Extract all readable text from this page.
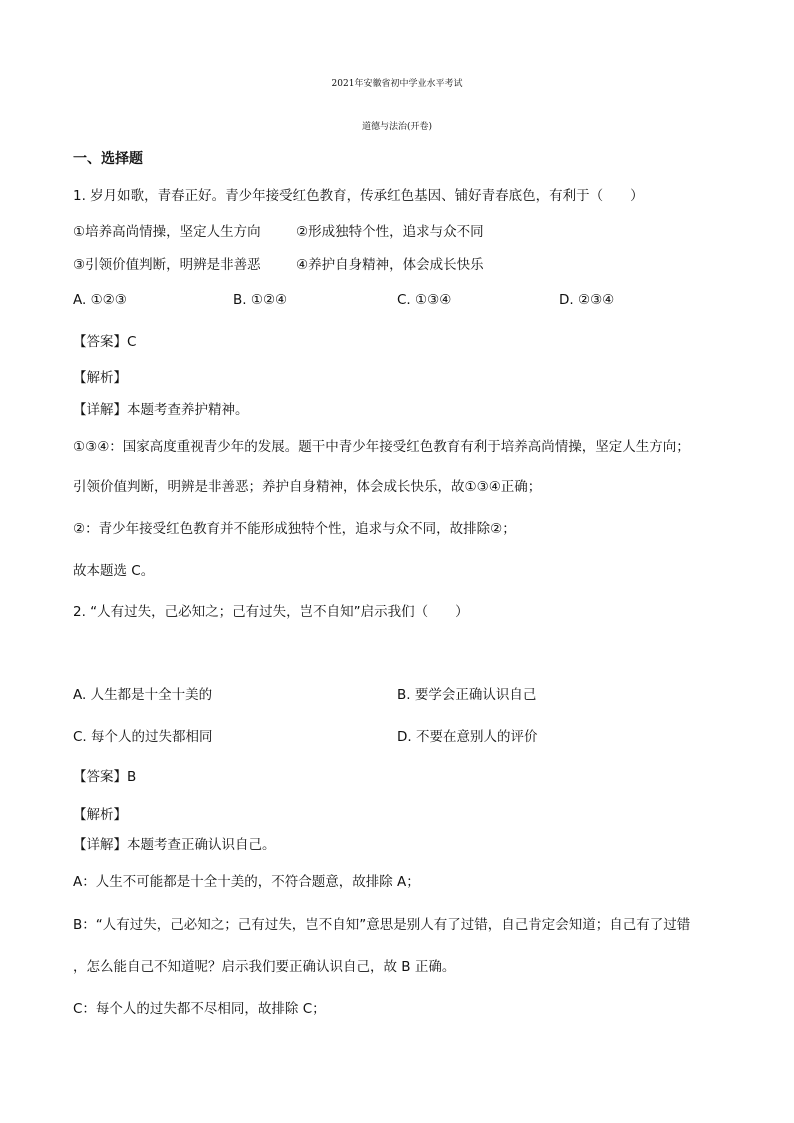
2021年安徽省初中学业水平考试
道德与法治(开卷)
一、选择题
1. 岁月如歌，青春正好。青少年接受红色教育，传承红色基因、铺好青春底色，有利于（　　）
①培养高尚情操，坚定人生方向	②形成独特个性，追求与众不同
③引领价值判断，明辨是非善恶	④养护自身精神，体会成长快乐
A. ①②③	B. ①②④	C. ①③④	D. ②③④
【答案】C
【解析】
【详解】本题考查养护精神。
①③④：国家高度重视青少年的发展。题干中青少年接受红色教育有利于培养高尚情操，坚定人生方向；
引领价值判断，明辨是非善恶；养护自身精神，体会成长快乐，故①③④正确；
②：青少年接受红色教育并不能形成独特个性，追求与众不同，故排除②；
故本题选 C。
2. “人有过失，己必知之；己有过失，岂不自知”启示我们（　　）
A. 人生都是十全十美的	B. 要学会正确认识自己
C. 每个人的过失都相同	D. 不要在意别人的评价
【答案】B
【解析】
【详解】本题考查正确认识自己。
A：人生不可能都是十全十美的，不符合题意，故排除 A；
B：“人有过失，己必知之；己有过失，岂不自知”意思是别人有了过错，自己肯定会知道；自己有了过错
，怎么能自己不知道呢？启示我们要正确认识自己，故 B 正确。
C：每个人的过失都不尽相同，故排除 C；
